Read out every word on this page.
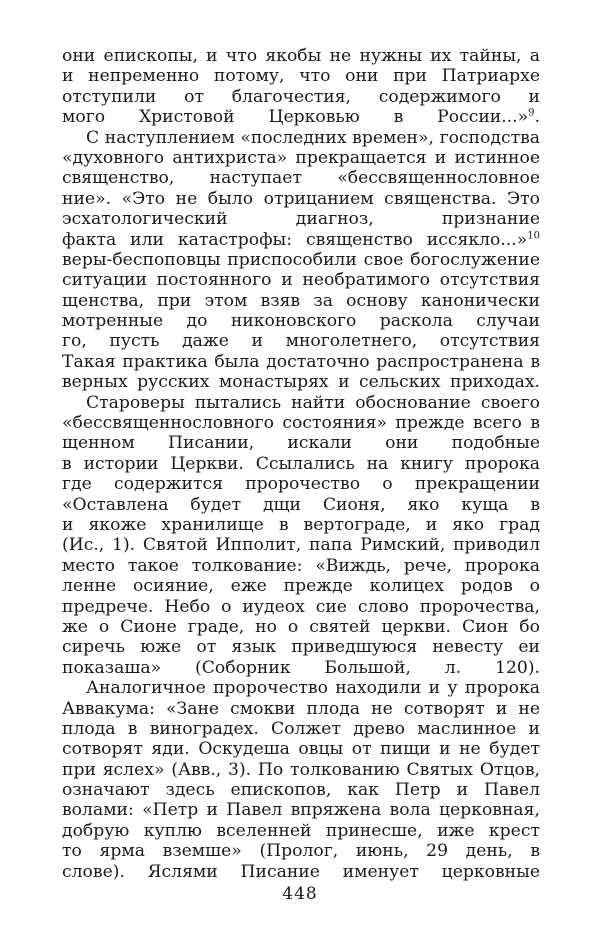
они епископы, и что якобы не нужны их тайны, а
и непременно потому, что они при Патриархе
отступили от благочестия, содержимого и
мого Христовой Церковью в России...»$^9$.
С наступлением «последних времен», господства
«духовного антихриста» прекращается и истинное
священство, наступает «бессвященнословное
ние». «Это не было отрицанием священства. Это
эсхатологический диагноз, признание
факта или катастрофы: священство иссякло...»$^{10}$
веры-беспоповцы приспособили свое богослужение
ситуации постоянного и необратимого отсутствия
щенства, при этом взяв за основу канонически
мотренные до никоновского раскола случаи
го, пусть даже и многолетнего, отсутствия
Такая практика была достаточно распространена в
верных русских монастырях и сельских приходах.
Староверы пытались найти обоснование своего
«бессвященнословного состояния» прежде всего в
щенном Писании, искали они подобные
в истории Церкви. Ссылались на книгу пророка
где содержится пророчество о прекращении
«Оставлена будет дщи Сионя, яко куща в
и якоже хранилище в вертограде, и яко град
(Ис., 1). Святой Ипполит, папа Римский, приводил
место такое толкование: «Виждь, рече, пророка
ленне осияние, еже прежде колицех родов о
предрече. Небо о иудеох сие слово пророчества,
же о Сионе граде, но о святей церкви. Сион бо
сиречь юже от язык приведшуюся невесту еи
показаша» (Соборник Большой, л. 120).
Аналогичное пророчество находили и у пророка
Аввакума: «Зане смокви плода не сотворят и не
плода в виноградех. Солжет древо маслинное и
сотворят яди. Оскудеша овцы от пищи и не будет
при яслех» (Авв., 3). По толкованию Святых Отцов,
означают здесь епископов, как Петр и Павел
волами: «Петр и Павел впряжена вола церковная,
добрую куплю вселенней принесше, иже крест
то ярма вземше» (Пролог, июнь, 29 день, в
слове). Яслями Писание именует церковные
448
